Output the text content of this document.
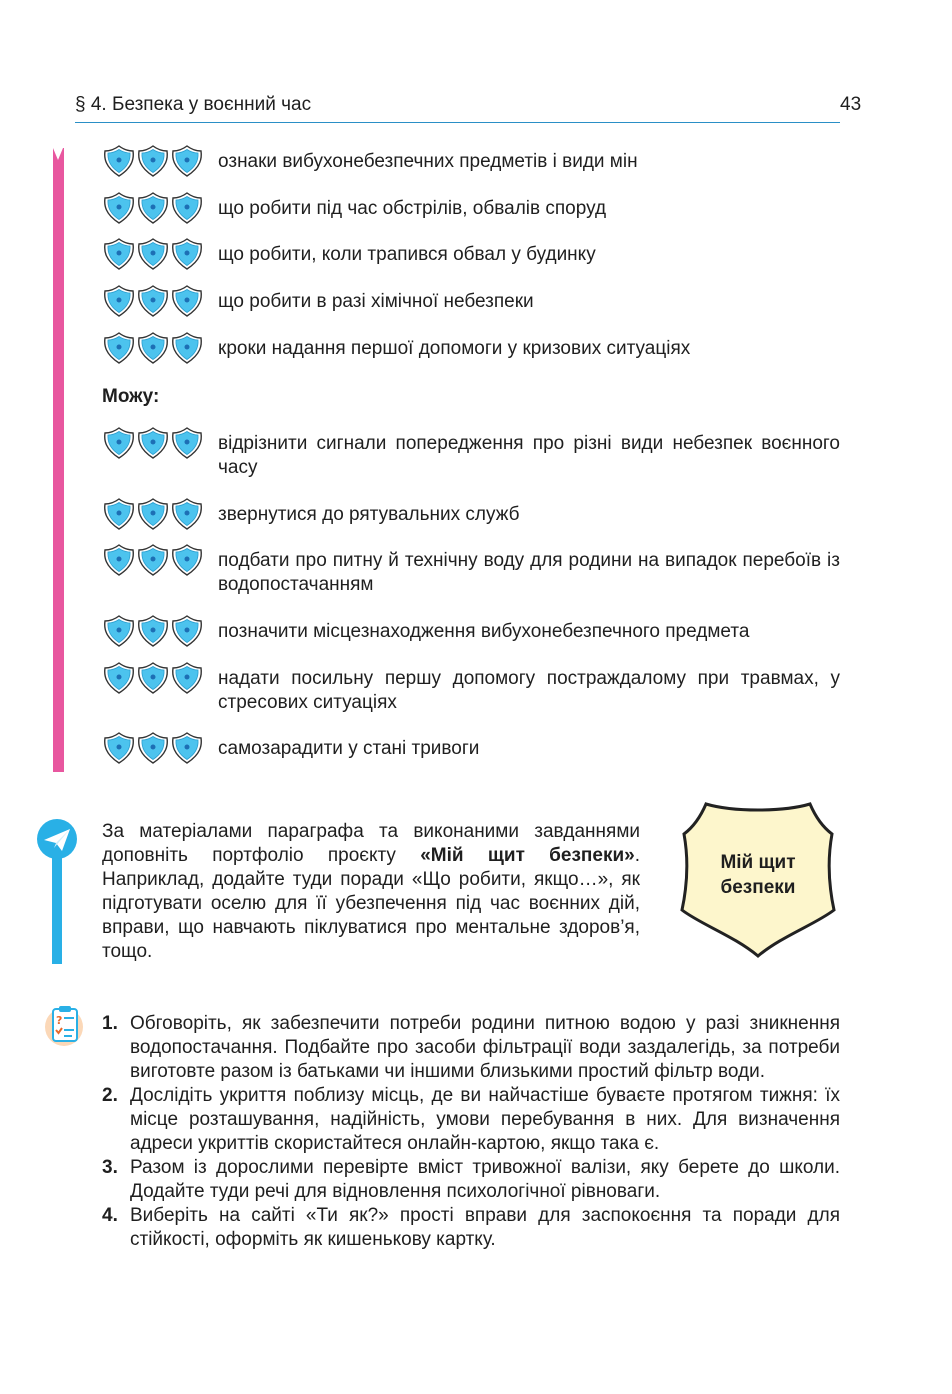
§ 4. Безпека у воєнний час	43
ознаки вибухонебезпечних предметів і види мін
що робити під час обстрілів, обвалів споруд
що робити, коли трапився обвал у будинку
що робити в разі хімічної небезпеки
кроки надання першої допомоги у кризових ситуаціях
Можу:
відрізнити сигнали попередження про різні види небезпек воєнного часу
звернутися до рятувальних служб
подбати про питну й технічну воду для родини на випадок перебоїв із водопостачанням
позначити місцезнаходження вибухонебезпечного предмета
надати посильну першу допомогу постраждалому при травмах, у стресових ситуаціях
самозарадити у стані тривоги
За матеріалами параграфа та виконаними завданнями доповніть портфоліо проєкту «Мій щит безпеки». Наприклад, додайте туди поради «Що робити, якщо…», як підготувати оселю для її убезпечення під час воєнних дій, вправи, що навчають піклуватися про ментальне здоров’я, тощо.
Мій щит
безпеки
? 1. Обговоріть, як забезпечити потреби родини питною водою у разі зникнення водопостачання. Подбайте про засоби фільтрації води заздалегідь, за потреби виготовте разом із батьками чи іншими близькими простий фільтр води.
2. Дослідіть укриття поблизу місць, де ви найчастіше буваєте протягом тижня: їх місце розташування, надійність, умови перебування в них. Для визначення адреси укриттів скористайтеся онлайн-картою, якщо така є.
3. Разом із дорослими перевірте вміст тривожної валізи, яку берете до школи. Додайте туди речі для відновлення психологічної рівноваги.
4. Виберіть на сайті «Ти як?» прості вправи для заспокоєння та поради для стійкості, оформіть як кишенькову картку.
